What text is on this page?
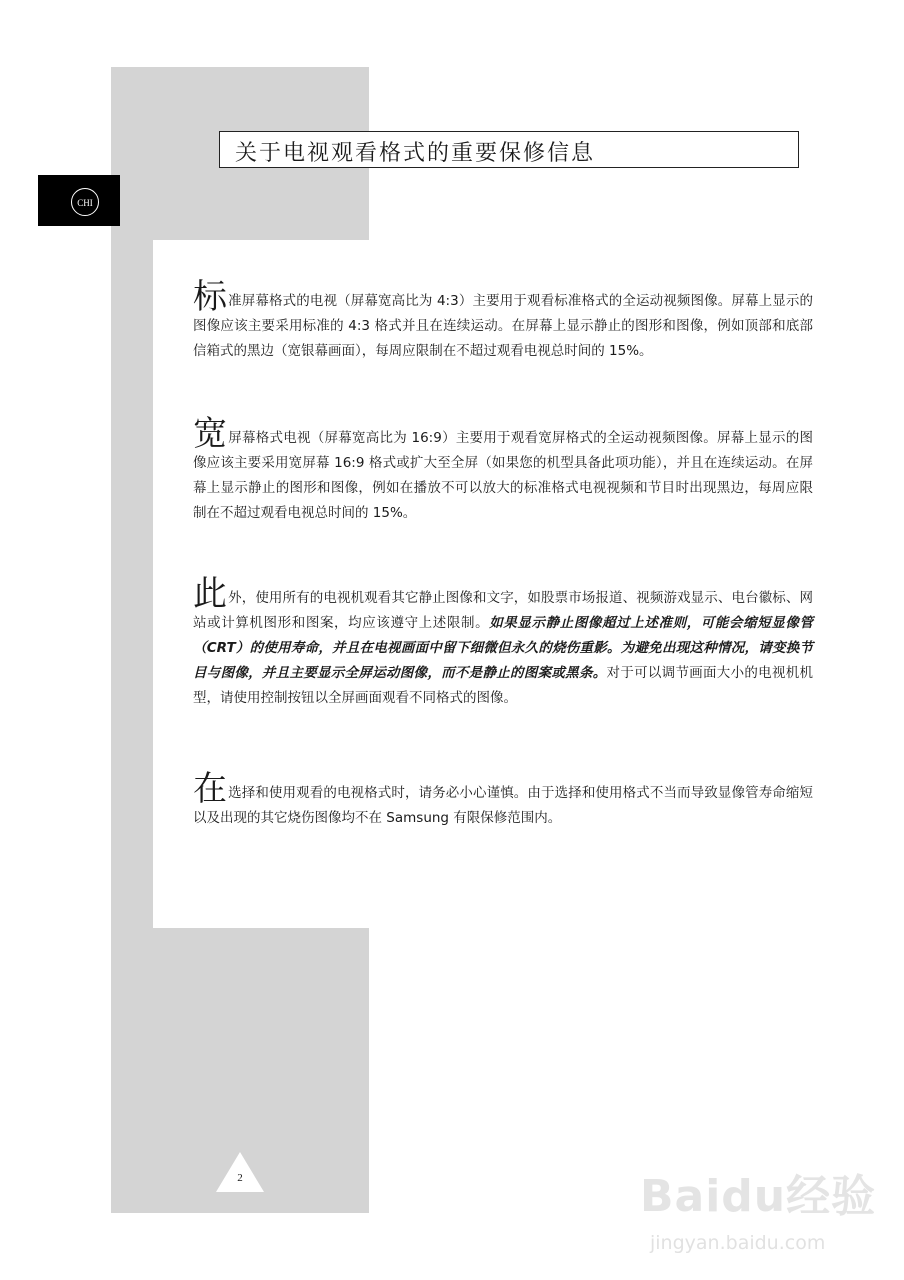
CHI
关于电视观看格式的重要保修信息

标准屏幕格式的电视（屏幕宽高比为 4:3）主要用于观看标准格式的全运动视频图像。屏幕上显示的图像应该主要采用标准的 4:3 格式并且在连续运动。在屏幕上显示静止的图形和图像，例如顶部和底部信箱式的黑边（宽银幕画面），每周应限制在不超过观看电视总时间的 15%。

宽屏幕格式电视（屏幕宽高比为 16:9）主要用于观看宽屏格式的全运动视频图像。屏幕上显示的图像应该主要采用宽屏幕 16:9 格式或扩大至全屏（如果您的机型具备此项功能），并且在连续运动。在屏幕上显示静止的图形和图像，例如在播放不可以放大的标准格式电视视频和节目时出现黑边，每周应限制在不超过观看电视总时间的 15%。

此外，使用所有的电视机观看其它静止图像和文字，如股票市场报道、视频游戏显示、电台徽标、网站或计算机图形和图案，均应该遵守上述限制。如果显示静止图像超过上述准则，可能会缩短显像管（CRT）的使用寿命，并且在电视画面中留下细微但永久的烧伤重影。为避免出现这种情况，请变换节目与图像，并且主要显示全屏运动图像，而不是静止的图案或黑条。对于可以调节画面大小的电视机机型，请使用控制按钮以全屏画面观看不同格式的图像。

在选择和使用观看的电视格式时，请务必小心谨慎。由于选择和使用格式不当而导致显像管寿命缩短以及出现的其它烧伤图像均不在 Samsung 有限保修范围内。

2	Baidu经验
jingyan.baidu.com
